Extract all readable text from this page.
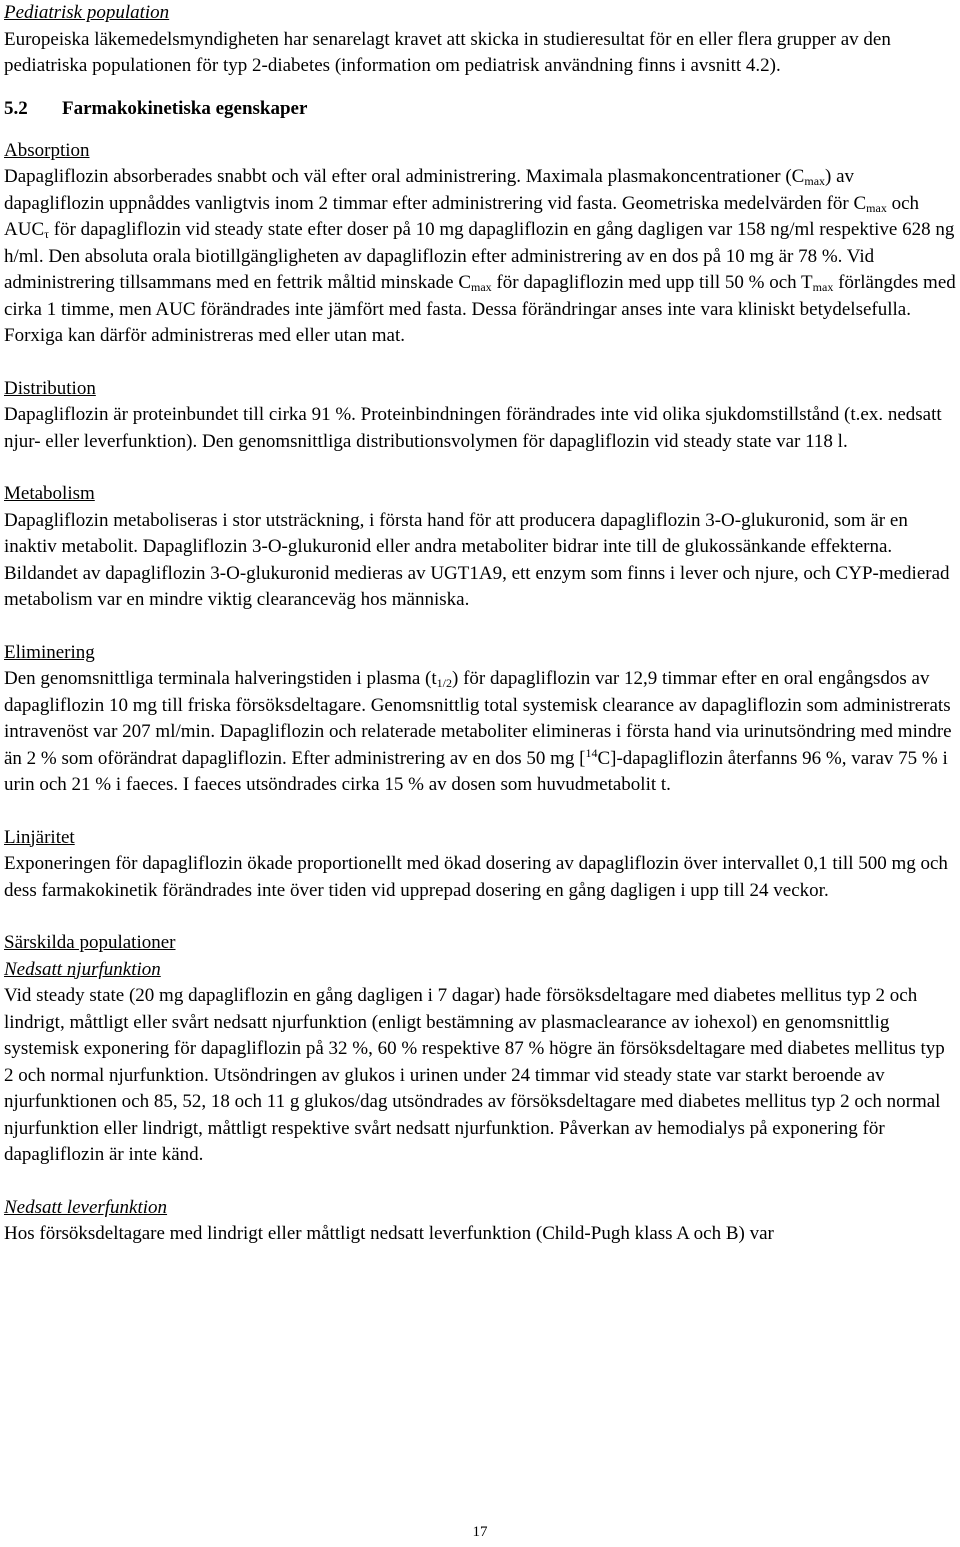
Pediatrisk population

Europeiska läkemedelsmyndigheten har senarelagt kravet att skicka in studieresultat för en eller flera grupper av den pediatriska populationen för typ 2-diabetes (information om pediatrisk användning finns i avsnitt 4.2).

5.2 Farmakokinetiska egenskaper
Absorption

Dapagliflozin absorberades snabbt och väl efter oral administrering. Maximala plasmakoncentrationer $(C_{max})$ av dapagliflozin uppnåddes vanligtvis inom 2 timmar efter administrering vid fasta. Geometriska medelvärden för $C_{max}$ och $AUC_\tau$ för dapagliflozin vid steady state efter doser på 10 mg dapagliflozin en gång dagligen var 158 ng/ml respektive 628 ng h/ml. Den absoluta orala biotillgängligheten av dapagliflozin efter administrering av en dos på 10 mg är 78 %. Vid administrering tillsammans med en fettrik måltid minskade $C_{max}$ för dapagliflozin med upp till 50 % och $T_{max}$ förlängdes med cirka 1 timme, men AUC förändrades inte jämfört med fasta. Dessa förändringar anses inte vara kliniskt betydelsefulla. Forxiga kan därför administreras med eller utan mat.

Distribution

Dapagliflozin är proteinbundet till cirka 91 %. Proteinbindningen förändrades inte vid olika sjukdomstillstånd (t.ex. nedsatt njur- eller leverfunktion). Den genomsnittliga distributionsvolymen för dapagliflozin vid steady state var 118 l.

Metabolism

Dapagliflozin metaboliseras i stor utsträckning, i första hand för att producera dapagliflozin 3-O-glukuronid, som är en inaktiv metabolit. Dapagliflozin 3-O-glukuronid eller andra metaboliter bidrar inte till de glukossänkande effekterna. Bildandet av dapagliflozin 3-O-glukuronid medieras av UGT1A9, ett enzym som finns i lever och njure, och CYP-medierad metabolism var en mindre viktig clearanceväg hos människa.

Eliminering

Den genomsnittliga terminala halveringstiden i plasma $(t_{1/2})$ för dapagliflozin var 12,9 timmar efter en oral engångsdos av dapagliflozin 10 mg till friska försöksdeltagare. Genomsnittlig total systemisk clearance av dapagliflozin som administrerats intravenöst var 207 ml/min. Dapagliflozin och relaterade metaboliter elimineras i första hand via urinutsöndring med mindre än 2 % som oförändrat dapagliflozin. Efter administrering av en dos 50 mg [$^{14}$C]-dapagliflozin återfanns 96 %, varav 75 % i urin och 21 % i faeces. I faeces utsöndrades cirka 15 % av dosen som huvudmetabolit t.

Linjäritet

Exponeringen för dapagliflozin ökade proportionellt med ökad dosering av dapagliflozin över intervallet 0,1 till 500 mg och dess farmakokinetik förändrades inte över tiden vid upprepad dosering en gång dagligen i upp till 24 veckor.

Särskilda populationer
Nedsatt njurfunktion

Vid steady state (20 mg dapagliflozin en gång dagligen i 7 dagar) hade försöksdeltagare med diabetes mellitus typ 2 och lindrigt, måttligt eller svårt nedsatt njurfunktion (enligt bestämning av plasmaclearance av iohexol) en genomsnittlig systemisk exponering för dapagliflozin på 32 %, 60 % respektive 87 % högre än försöksdeltagare med diabetes mellitus typ 2 och normal njurfunktion. Utsöndringen av glukos i urinen under 24 timmar vid steady state var starkt beroende av njurfunktionen och 85, 52, 18 och 11 g glukos/dag utsöndrades av försöksdeltagare med diabetes mellitus typ 2 och normal njurfunktion eller lindrigt, måttligt respektive svårt nedsatt njurfunktion. Påverkan av hemodialys på exponering för dapagliflozin är inte känd.

Nedsatt leverfunktion

Hos försöksdeltagare med lindrigt eller måttligt nedsatt leverfunktion (Child-Pugh klass A och B) var

17
